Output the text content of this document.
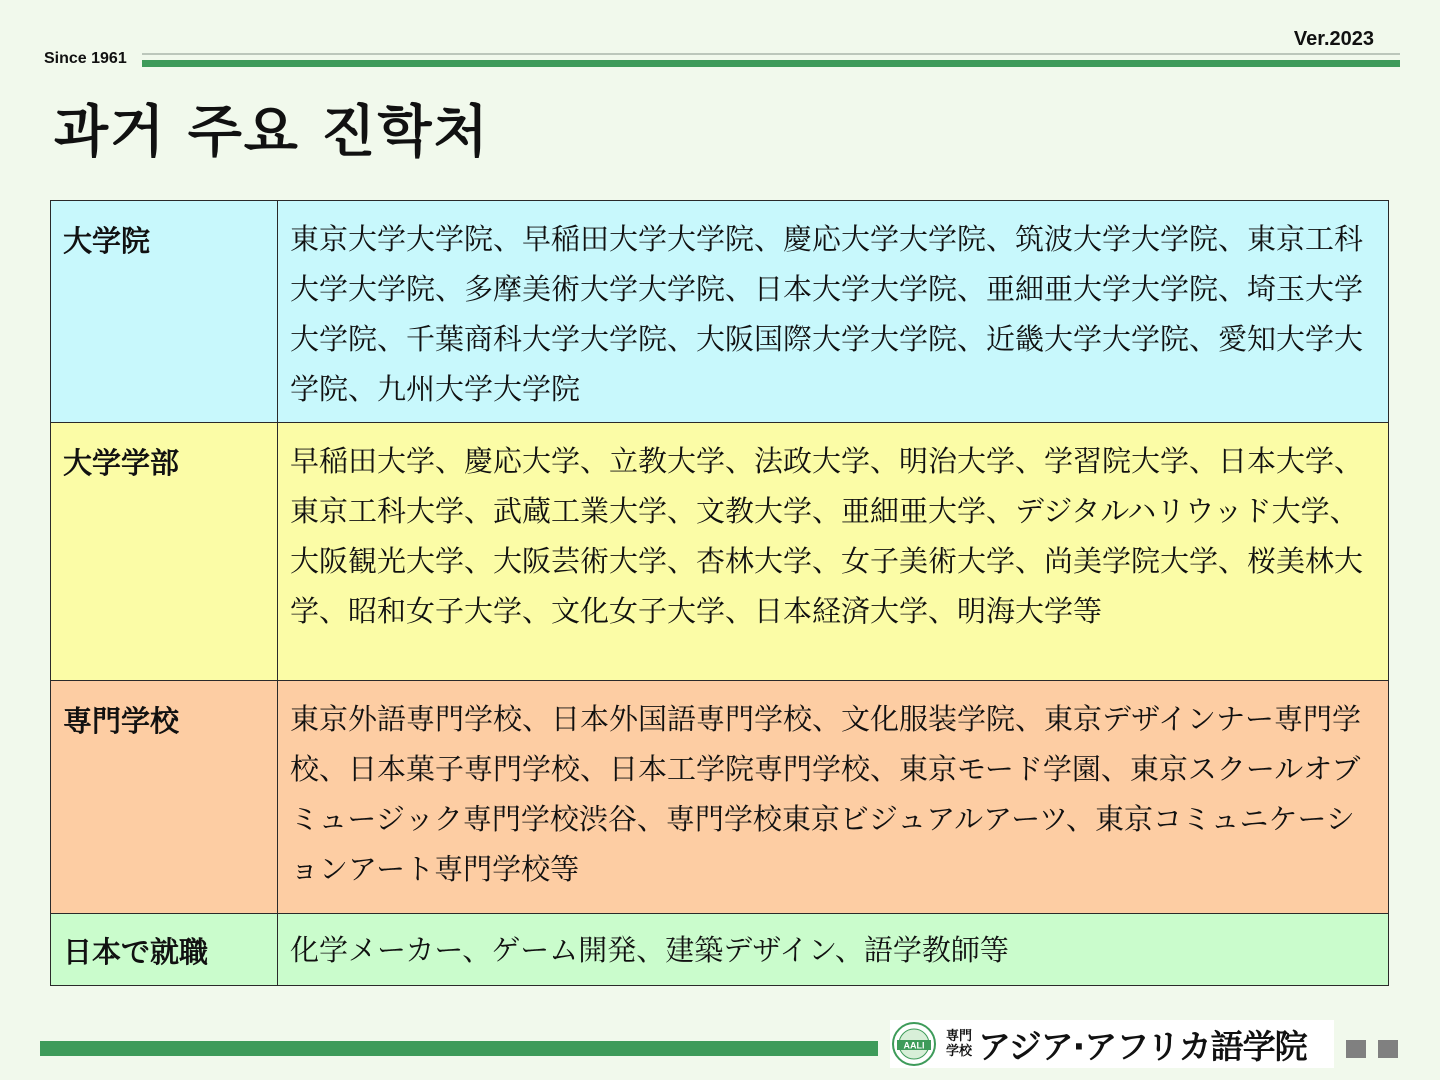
Since 1961
Ver.2023
과거 주요 진학처
大学院	東京大学大学院、早稲田大学大学院、慶応大学大学院、筑波大学大学院、東京工科大学大学院、多摩美術大学大学院、日本大学大学院、亜細亜大学大学院、埼玉大学大学院、千葉商科大学大学院、大阪国際大学大学院、近畿大学大学院、愛知大学大学院、九州大学大学院
大学学部	早稲田大学、慶応大学、立教大学、法政大学、明治大学、学習院大学、日本大学、東京工科大学、武蔵工業大学、文教大学、亜細亜大学、デジタルハリウッド大学、大阪観光大学、大阪芸術大学、杏林大学、女子美術大学、尚美学院大学、桜美林大学、昭和女子大学、文化女子大学、日本経済大学、明海大学等
専門学校	東京外語専門学校、日本外国語専門学校、文化服装学院、東京デザインナー専門学校、日本菓子専門学校、日本工学院専門学校、東京モード学園、東京スクールオブミュージック専門学校渋谷、専門学校東京ビジュアルアーツ、東京コミュニケーションアート専門学校等
日本で就職	化学メーカー、ゲーム開発、建築デザイン、語学教師等
AALI
専門学校 アジア·アフリカ語学院
